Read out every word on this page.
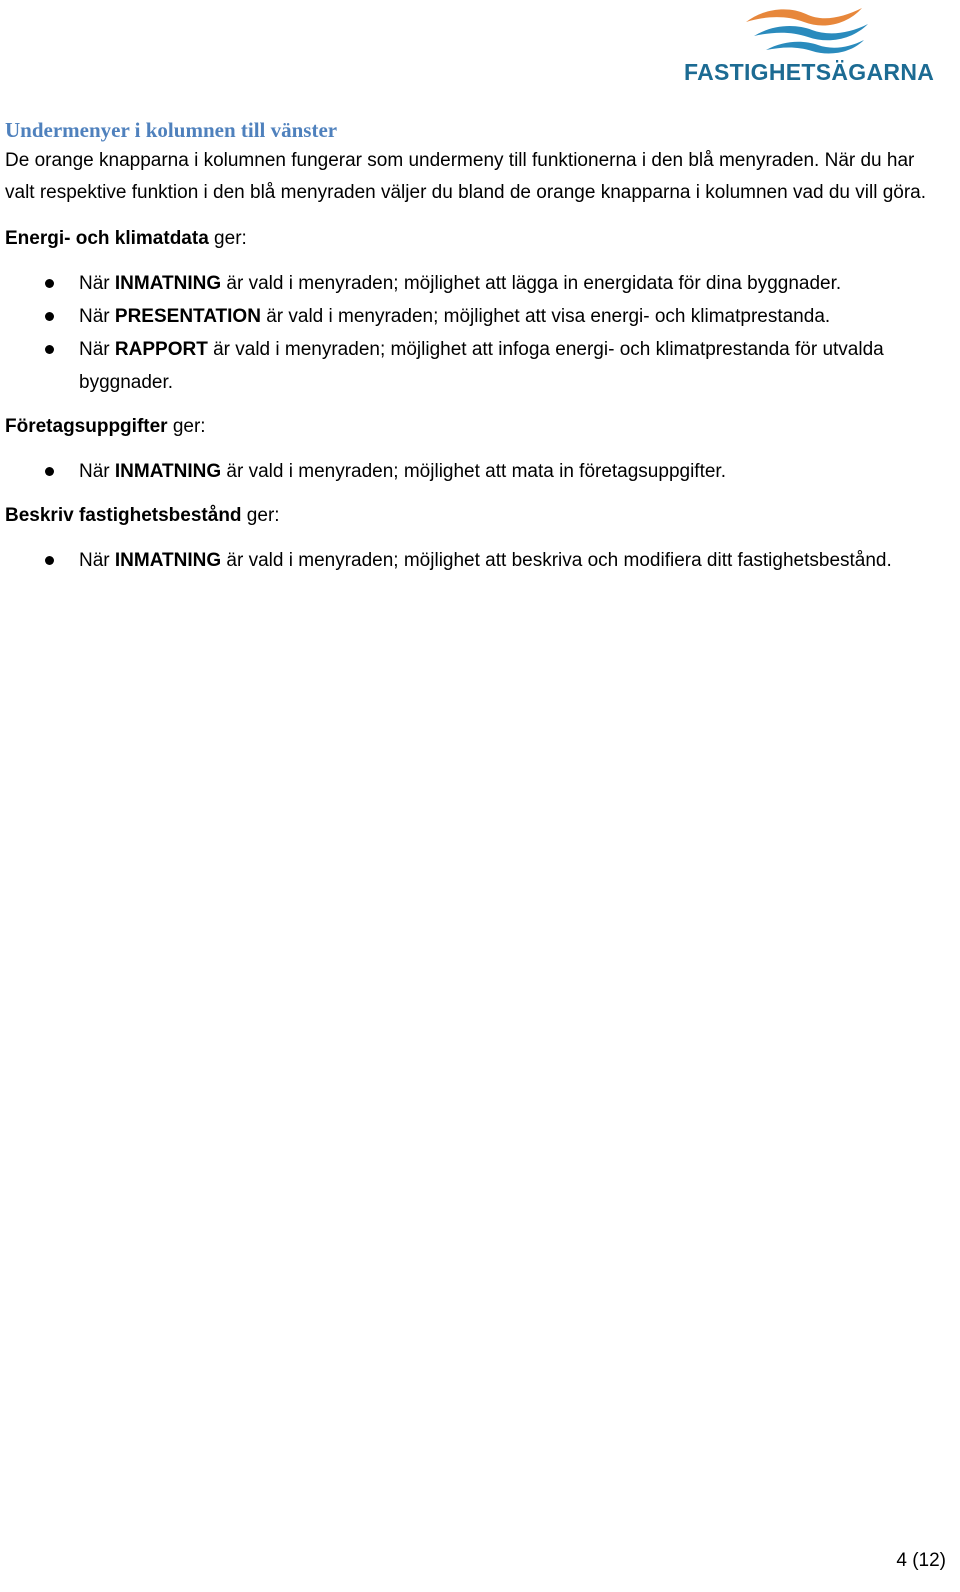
FASTIGHETSÄGARNA
Undermenyer i kolumnen till vänster

De orange knapparna i kolumnen fungerar som undermeny till funktionerna i den blå menyraden. När du har valt respektive funktion i den blå menyraden väljer du bland de orange knapparna i kolumnen vad du vill göra.

Energi- och klimatdata ger:

När INMATNING är vald i menyraden; möjlighet att lägga in energidata för dina byggnader.
När PRESENTATION är vald i menyraden; möjlighet att visa energi- och klimatprestanda.
När RAPPORT är vald i menyraden; möjlighet att infoga energi- och klimatprestanda för utvalda byggnader.

Företagsuppgifter ger:

När INMATNING är vald i menyraden; möjlighet att mata in företagsuppgifter.

Beskriv fastighetsbestånd ger:

När INMATNING är vald i menyraden; möjlighet att beskriva och modifiera ditt fastighetsbestånd.
4 (12)
